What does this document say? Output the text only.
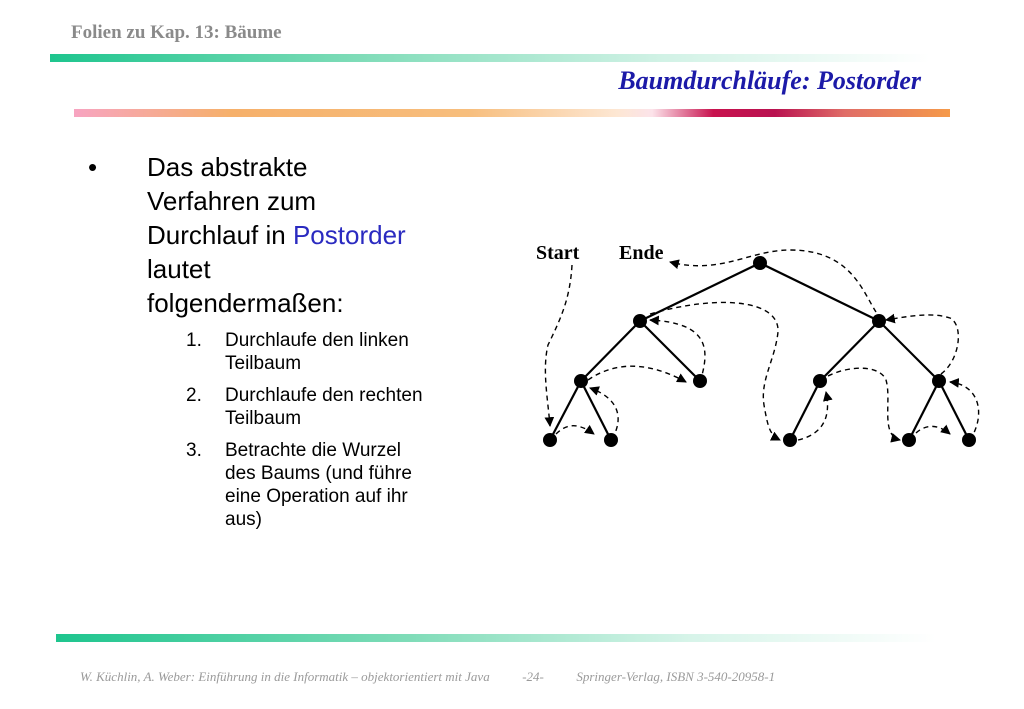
Folien zu Kap. 13: Bäume
Baumdurchläufe: Postorder
• Das abstrakte Verfahren zum Durchlauf in Postorder lautet folgendermaßen:
1. Durchlaufe den linken Teilbaum
2. Durchlaufe den rechten Teilbaum
3. Betrachte die Wurzel des Baums (und führe eine Operation auf ihr aus)
Start Ende
W. Küchlin, A. Weber: Einführung in die Informatik – objektorientiert mit Java	-24-	Springer-Verlag, ISBN 3-540-20958-1
